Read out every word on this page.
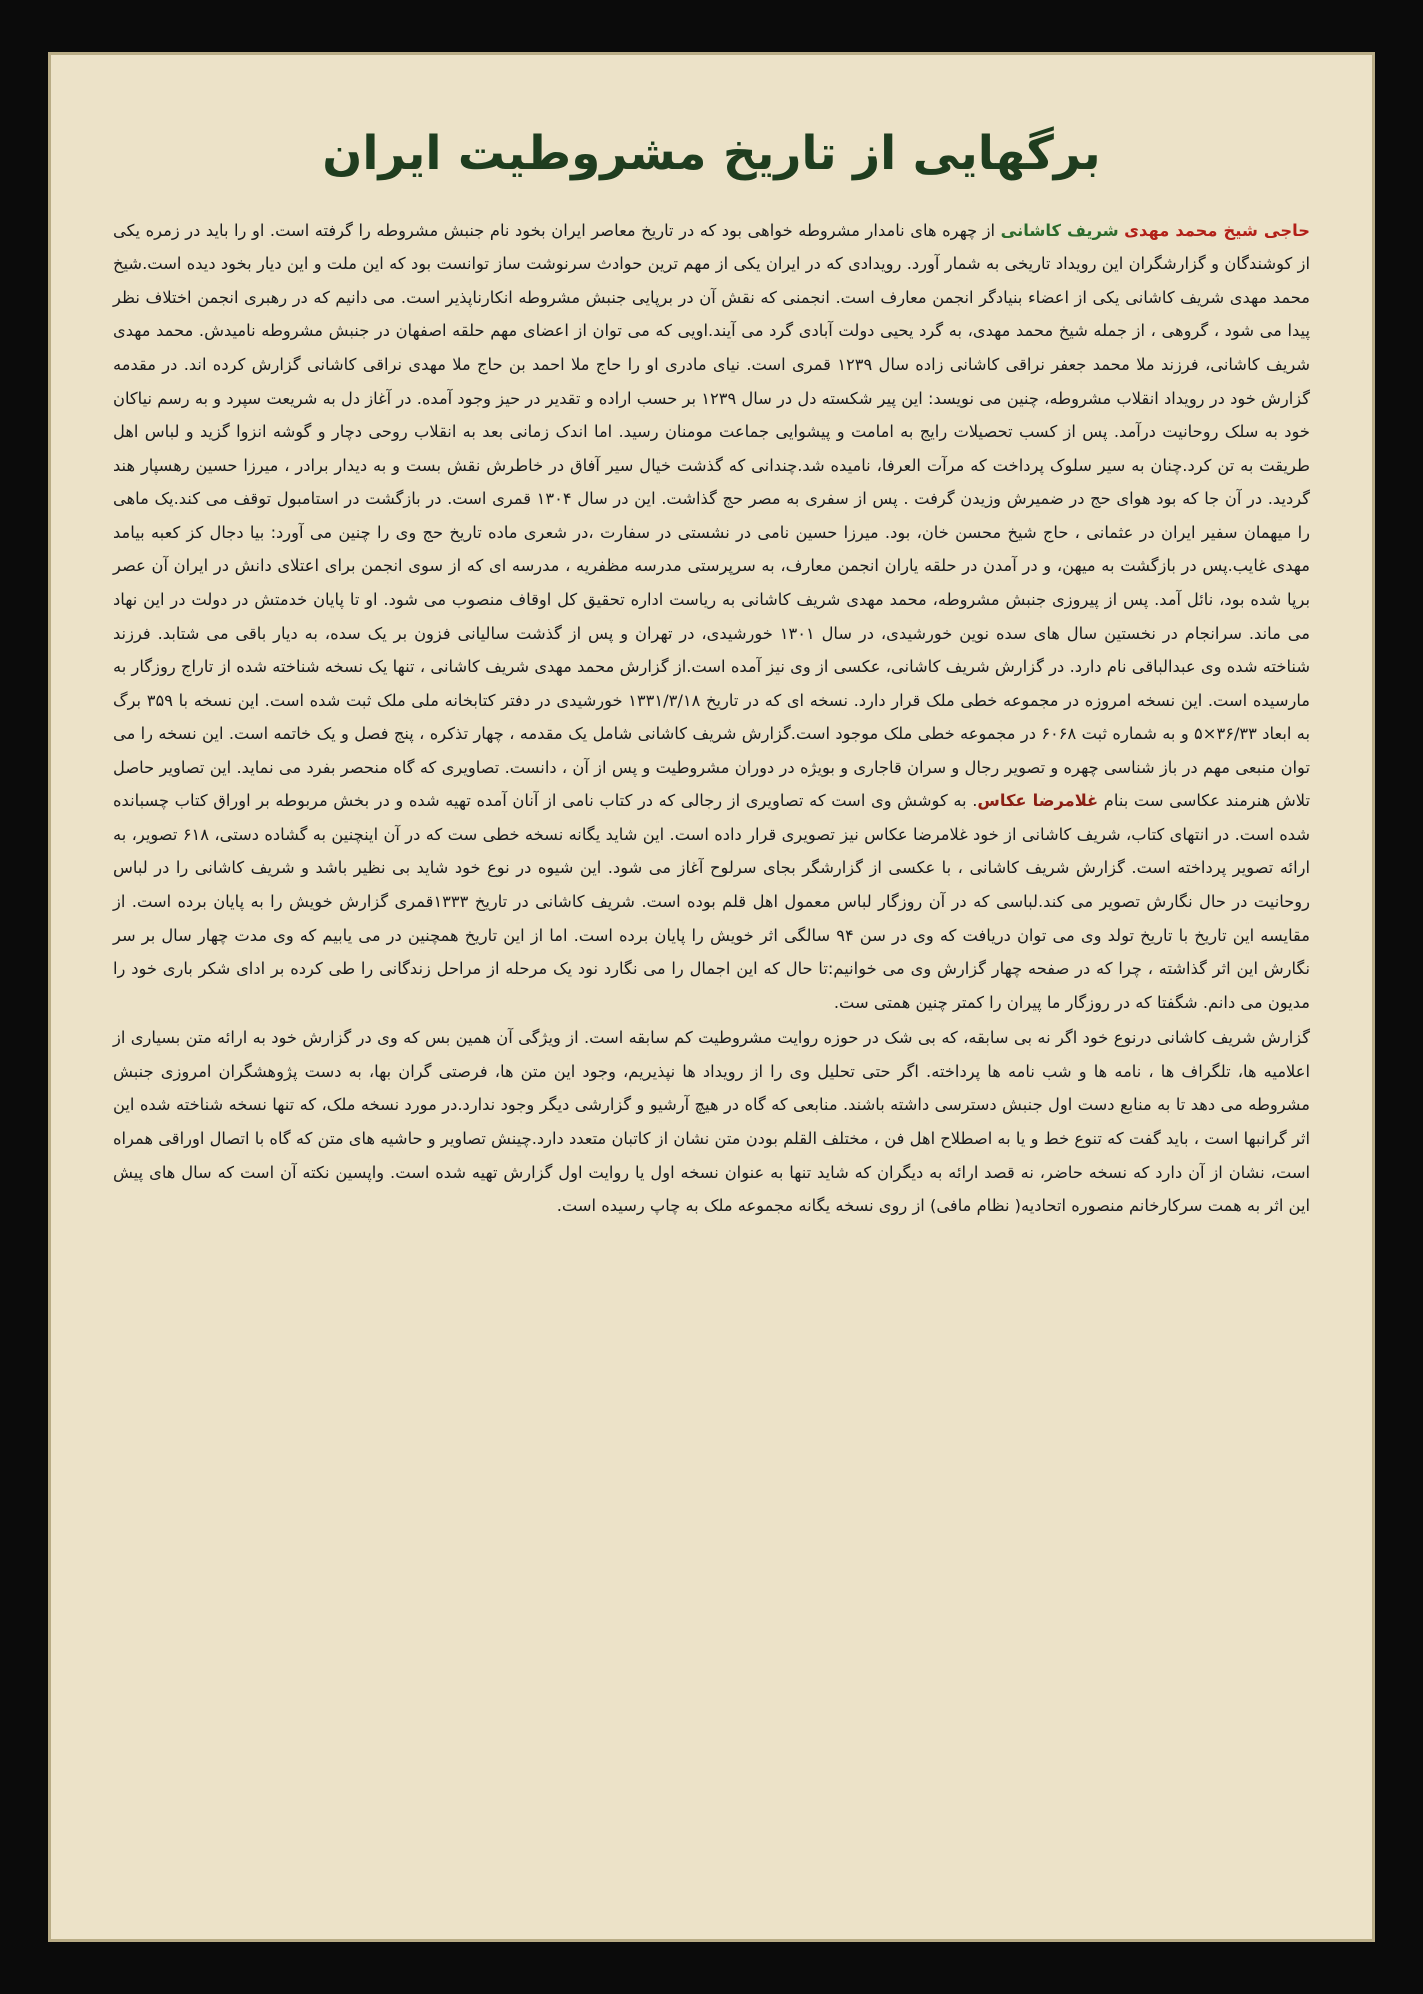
برگهایی از تاریخ مشروطیت ایران

حاجی شیخ محمد مهدی شریف کاشانی از چهره های نامدار مشروطه خواهی بود که در تاریخ معاصر ایران بخود نام جنبش مشروطه را گرفته است. او را باید در زمره یکی از کوشندگان و گزارشگران این رویداد تاریخی به شمار آورد. رویدادی که در ایران یکی از مهم ترین حوادث سرنوشت ساز توانست بود که این ملت و این دیار بخود دیده است.شیخ محمد مهدی شریف کاشانی یکی از اعضاء بنیادگر انجمن معارف است. انجمنی که نقش آن در برپایی جنبش مشروطه انکارناپذیر است. می دانیم که در رهبری انجمن اختلاف نظر پیدا می شود ، گروهی ، از جمله شیخ محمد مهدی، به گرد یحیی دولت آبادی گرد می آیند.اویی که می توان از اعضای مهم حلقه اصفهان در جنبش مشروطه نامیدش. محمد مهدی شریف کاشانی، فرزند ملا محمد جعفر نراقی کاشانی زاده سال ۱۲۳۹ قمری است. نیای مادری او را حاج ملا احمد بن حاج ملا مهدی نراقی کاشانی گزارش کرده اند. در مقدمه گزارش خود در رویداد انقلاب مشروطه، چنین می نویسد: این پیر شکسته دل در سال ۱۲۳۹ بر حسب اراده و تقدیر در حیز وجود آمده. در آغاز دل به شریعت سپرد و به رسم نیاکان خود به سلک روحانیت درآمد. پس از کسب تحصیلات رایج به امامت و پیشوایی جماعت مومنان رسید. اما اندک زمانی بعد به انقلاب روحی دچار و گوشه انزوا گزید و لباس اهل طریقت به تن کرد.چنان به سیر سلوک پرداخت که مرآت العرفا، نامیده شد.چندانی که گذشت خیال سیر آفاق در خاطرش نقش بست و به دیدار برادر ، میرزا حسین رهسپار هند گردید. در آن جا که بود هوای حج در ضمیرش وزیدن گرفت . پس از سفری به مصر حج گذاشت. این در سال ۱۳۰۴ قمری است. در بازگشت در استامبول توقف می کند.یک ماهی را میهمان سفیر ایران در عثمانی ، حاج شیخ محسن خان، بود. میرزا حسین نامی در نشستی در سفارت ،در شعری ماده تاریخ حج وی را چنین می آورد: بیا دجال کز کعبه بیامد مهدی غایب.پس در بازگشت به میهن، و در آمدن در حلقه یاران انجمن معارف، به سرپرستی مدرسه مظفریه ، مدرسه ای که از سوی انجمن برای اعتلای دانش در ایران آن عصر برپا شده بود، نائل آمد. پس از پیروزی جنبش مشروطه، محمد مهدی شریف کاشانی به ریاست اداره تحقیق کل اوقاف منصوب می شود. او تا پایان خدمتش در دولت در این نهاد می ماند. سرانجام در نخستین سال های سده نوین خورشیدی، در سال ۱۳۰۱ خورشیدی، در تهران و پس از گذشت سالیانی فزون بر یک سده، به دیار باقی می شتابد. فرزند شناخته شده وی عبدالباقی نام دارد. در گزارش شریف کاشانی، عکسی از وی نیز آمده است.از گزارش محمد مهدی شریف کاشانی ، تنها یک نسخه شناخته شده از تاراج روزگار به مارسیده است. این نسخه امروزه در مجموعه خطی ملک قرار دارد. نسخه ای که در تاریخ ۱۳۳۱/۳/۱۸ خورشیدی در دفتر کتابخانه ملی ملک ثبت شده است. این نسخه با ۳۵۹ برگ به ابعاد ۳۶/۳۳×۵ و به شماره ثبت ۶۰۶۸ در مجموعه خطی ملک موجود است.گزارش شریف کاشانی شامل یک مقدمه ، چهار تذکره ، پنج فصل و یک خاتمه است. این نسخه را می توان منبعی مهم در باز شناسی چهره و تصویر رجال و سران قاجاری و بویژه در دوران مشروطیت و پس از آن ، دانست. تصاویری که گاه منحصر بفرد می نماید. این تصاویر حاصل تلاش هنرمند عکاسی ست بنام غلامرضا عکاس. به کوشش وی است که تصاویری از رجالی که در کتاب نامی از آنان آمده تهیه شده و در بخش مربوطه بر اوراق کتاب چسبانده شده است. در انتهای کتاب، شریف کاشانی از خود غلامرضا عکاس نیز تصویری قرار داده است. این شاید یگانه نسخه خطی ست که در آن اینچنین به گشاده دستی، ۶۱۸ تصویر، به ارائه تصویر پرداخته است. گزارش شریف کاشانی ، با عکسی از گزارشگر بجای سرلوح آغاز می شود. این شیوه در نوع خود شاید بی نظیر باشد و شریف کاشانی را در لباس روحانیت در حال نگارش تصویر می کند.لباسی که در آن روزگار لباس معمول اهل قلم بوده است. شریف کاشانی در تاریخ ۱۳۳۳قمری گزارش خویش را به پایان برده است. از مقایسه این تاریخ با تاریخ تولد وی می توان دریافت که وی در سن ۹۴ سالگی اثر خویش را پایان برده است. اما از این تاریخ همچنین در می یابیم که وی مدت چهار سال بر سر نگارش این اثر گذاشته ، چرا که در صفحه چهار گزارش وی می خوانیم:تا حال که این اجمال را می نگارد نود یک مرحله از مراحل زندگانی را طی کرده بر ادای شکر باری خود را مدیون می دانم. شگفتا که در روزگار ما پیران را کمتر چنین همتی ست.

گزارش شریف کاشانی درنوع خود اگر نه بی سابقه، که بی شک در حوزه روایت مشروطیت کم سابقه است. از ویژگی آن همین بس که وی در گزارش خود به ارائه متن بسیاری از اعلامیه ها، تلگراف ها ، نامه ها و شب نامه ها پرداخته. اگر حتی تحلیل وی را از رویداد ها نپذیریم، وجود این متن ها، فرصتی گران بها، به دست پژوهشگران امروزی جنبش مشروطه می دهد تا به منابع دست اول جنبش دسترسی داشته باشند. منابعی که گاه در هیچ آرشیو و گزارشی دیگر وجود ندارد.در مورد نسخه ملک، که تنها نسخه شناخته شده این اثر گرانبها است ، باید گفت که تنوع خط و یا به اصطلاح اهل فن ، مختلف القلم بودن متن نشان از کاتبان متعدد دارد.چینش تصاویر و حاشیه های متن که گاه با اتصال اوراقی همراه است، نشان از آن دارد که نسخه حاضر، نه قصد ارائه به دیگران که شاید تنها به عنوان نسخه اول یا روایت اول گزارش تهیه شده است. واپسین نکته آن است که سال های پیش این اثر به همت سرکارخانم منصوره اتحادیه( نظام مافی) از روی نسخه یگانه مجموعه ملک به چاپ رسیده است.
